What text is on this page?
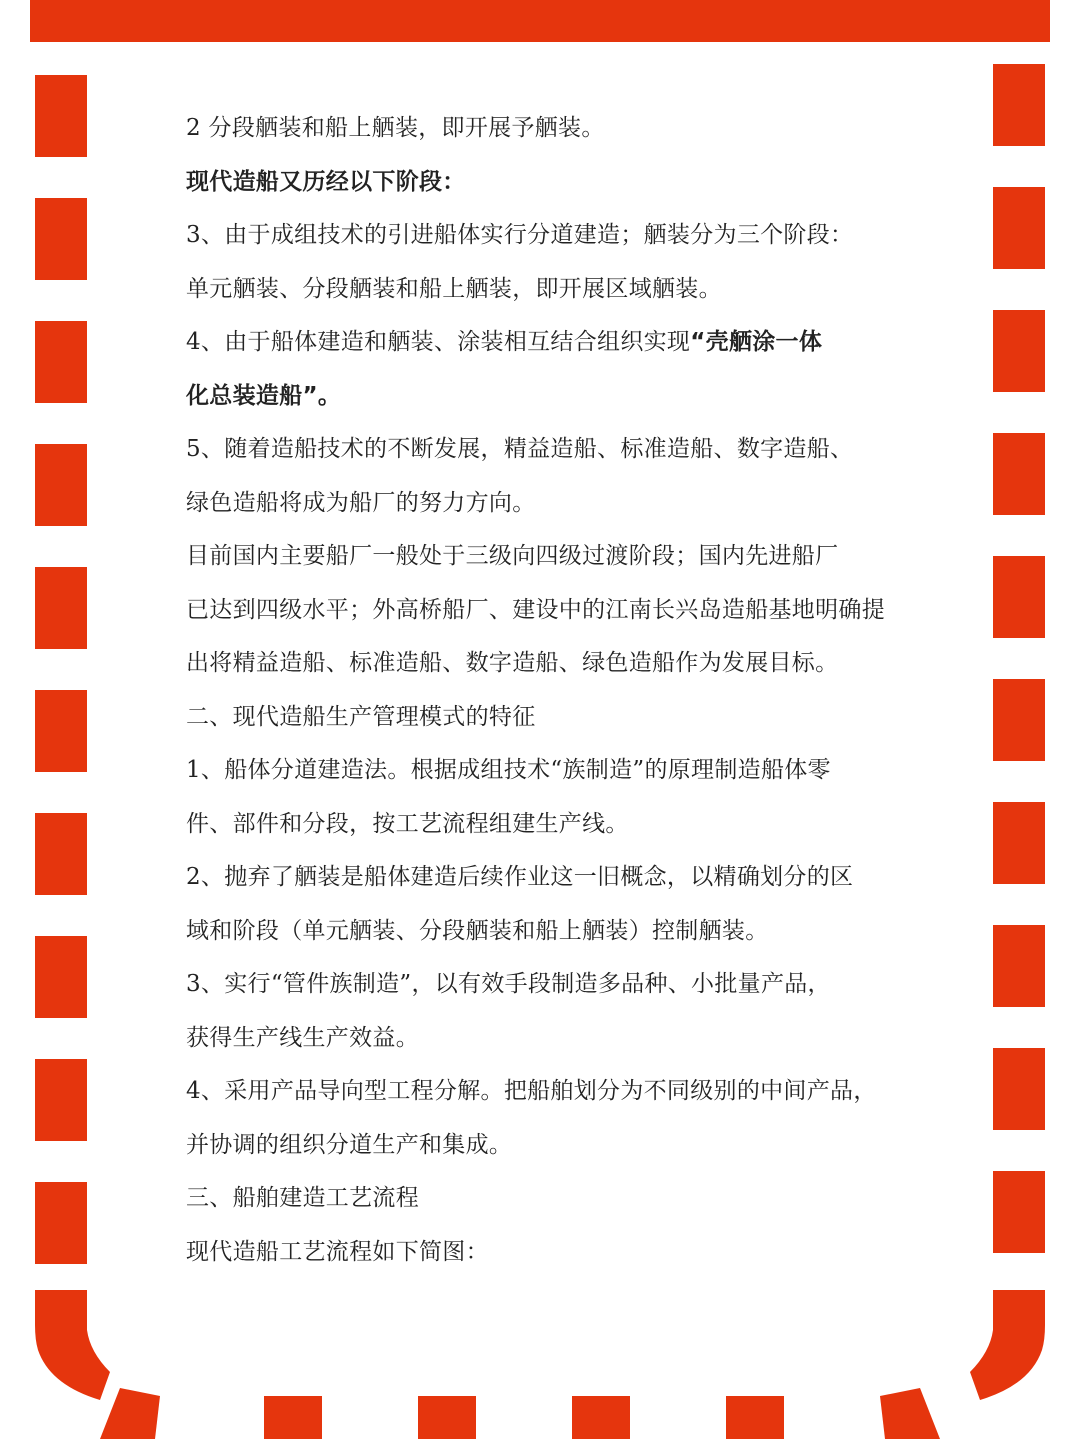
2 分段舾装和船上舾装，即开展予舾装。
现代造船又历经以下阶段：
3、由于成组技术的引进船体实行分道建造；舾装分为三个阶段：
单元舾装、分段舾装和船上舾装，即开展区域舾装。
4、由于船体建造和舾装、涂装相互结合组织实现“壳舾涂一体
化总装造船”。
5、随着造船技术的不断发展，精益造船、标准造船、数字造船、
绿色造船将成为船厂的努力方向。
目前国内主要船厂一般处于三级向四级过渡阶段；国内先进船厂
已达到四级水平；外高桥船厂、建设中的江南长兴岛造船基地明确提
出将精益造船、标准造船、数字造船、绿色造船作为发展目标。
二、现代造船生产管理模式的特征
1、船体分道建造法。根据成组技术“族制造”的原理制造船体零
件、部件和分段，按工艺流程组建生产线。
2、抛弃了舾装是船体建造后续作业这一旧概念，以精确划分的区
域和阶段（单元舾装、分段舾装和船上舾装）控制舾装。
3、实行“管件族制造”，以有效手段制造多品种、小批量产品，
获得生产线生产效益。
4、采用产品导向型工程分解。把船舶划分为不同级别的中间产品，
并协调的组织分道生产和集成。
三、船舶建造工艺流程
现代造船工艺流程如下简图：
